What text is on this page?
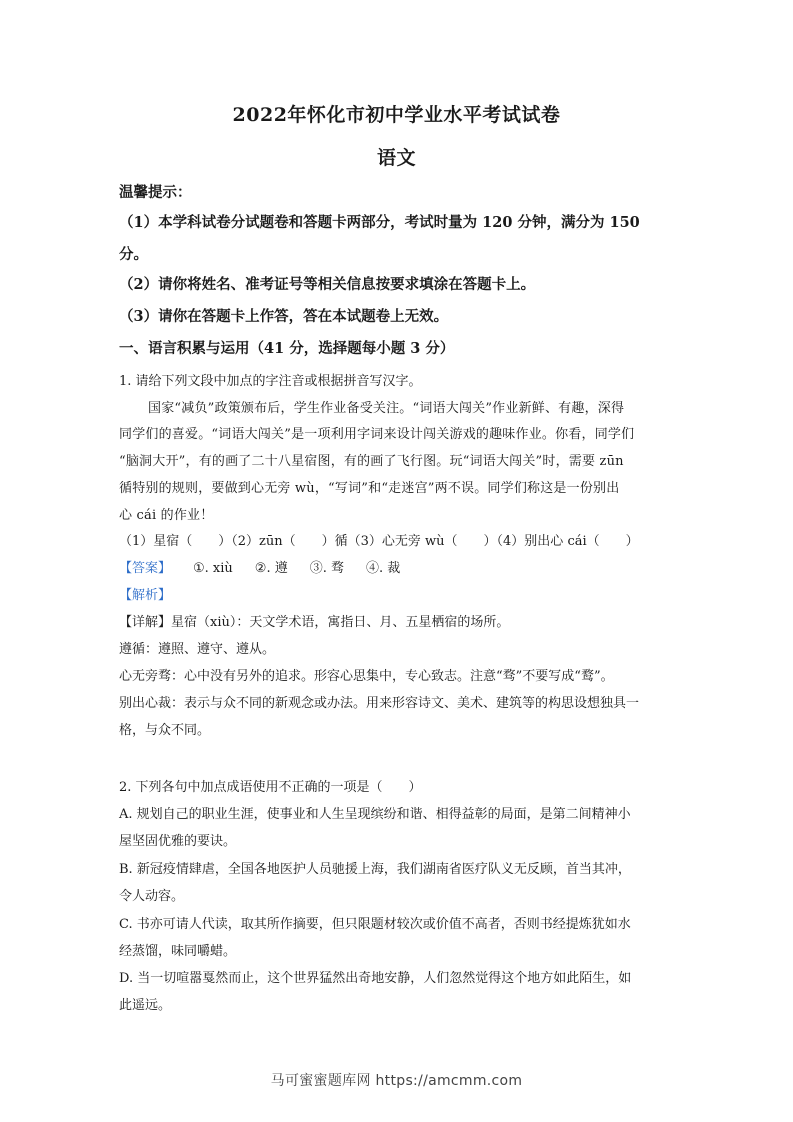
2022年怀化市初中学业水平考试试卷
语文
温馨提示：
（1）本学科试卷分试题卷和答题卡两部分，考试时量为 120 分钟，满分为 150
分。
（2）请你将姓名、准考证号等相关信息按要求填涂在答题卡上。
（3）请你在答题卡上作答，答在本试题卷上无效。
一、语言积累与运用（41 分，选择题每小题 3 分）
1. 请给下列文段中加点的字注音或根据拼音写汉字。
国家“减负”政策颁布后，学生作业备受关注。“词语大闯关”作业新鲜、有趣，深得
同学们的喜爱。“词语大闯关”是一项利用字词来设计闯关游戏的趣味作业。你看，同学们
“脑洞大开”，有的画了二十八星宿图，有的画了飞行图。玩“词语大闯关”时，需要 zūn
循特别的规则，要做到心无旁 wù，“写词”和“走迷宫”两不误。同学们称这是一份别出
心 cái 的作业！
（1）星宿（　　）（2）zūn（　　）循（3）心无旁 wù（　　）（4）别出心 cái（　　）
【答案】 ①. xiù ②. 遵 ③. 骛 ④. 裁
【解析】
【详解】星宿（xiù）：天文学术语，寓指日、月、五星栖宿的场所。
遵循：遵照、遵守、遵从。
心无旁骛：心中没有另外的追求。形容心思集中，专心致志。注意“骛”不要写成“鹜”。
别出心裁：表示与众不同的新观念或办法。用来形容诗文、美术、建筑等的构思设想独具一
格，与众不同。
2. 下列各句中加点成语使用不正确的一项是（　　）
A. 规划自己的职业生涯，使事业和人生呈现缤纷和谐、相得益彰的局面，是第二间精神小
屋坚固优雅的要诀。
B. 新冠疫情肆虐，全国各地医护人员驰援上海，我们湖南省医疗队义无反顾，首当其冲，
令人动容。
C. 书亦可请人代读，取其所作摘要，但只限题材较次或价值不高者，否则书经提炼犹如水
经蒸馏，味同嚼蜡。
D. 当一切喧嚣戛然而止，这个世界猛然出奇地安静，人们忽然觉得这个地方如此陌生，如
此遥远。
马可蜜蜜题库网 https://amcmm.com
